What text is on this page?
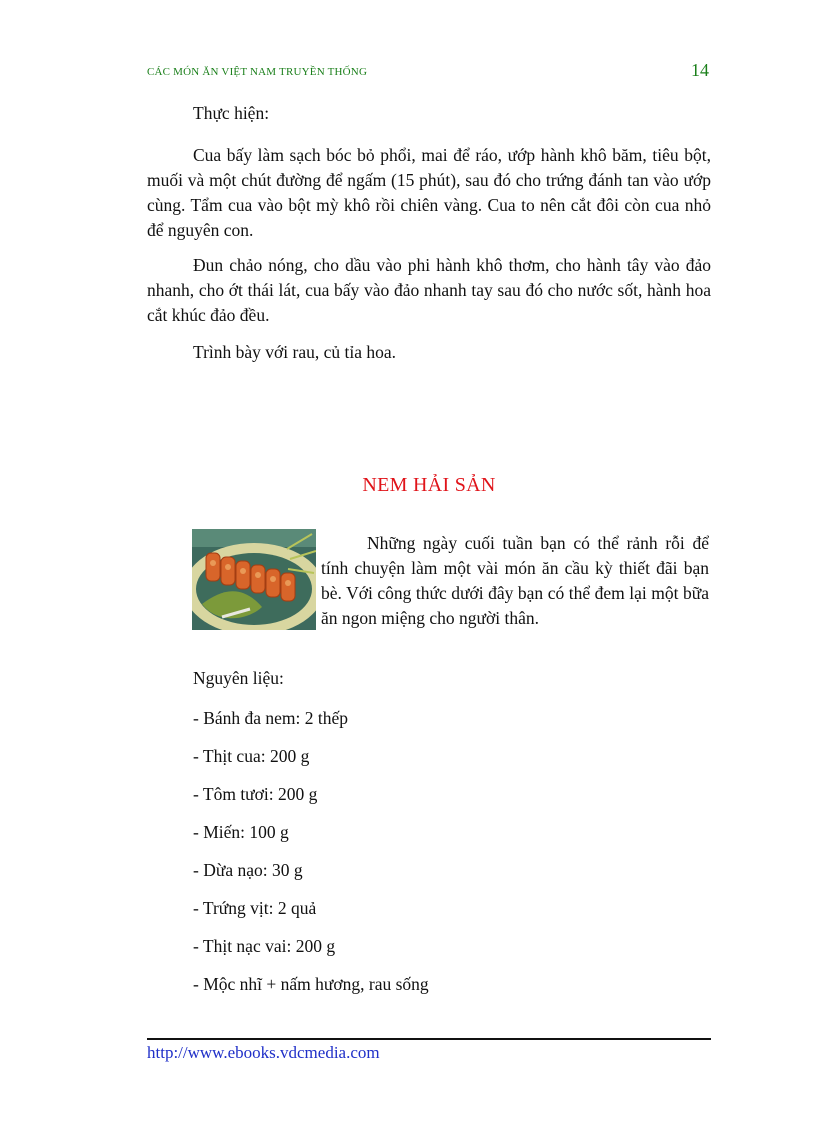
CÁC MÓN ĂN VIỆT NAM TRUYỀN THỐNG	14

Thực hiện:

Cua bấy làm sạch bóc bỏ phổi, mai để ráo, ướp hành khô băm, tiêu bột, muối và một chút đường để ngấm (15 phút), sau đó cho trứng đánh tan vào ướp cùng. Tẩm cua vào bột mỳ khô rồi chiên vàng. Cua to nên cắt đôi còn cua nhỏ để nguyên con.

Đun chảo nóng, cho dầu vào phi hành khô thơm, cho hành tây vào đảo nhanh, cho ớt thái lát, cua bấy vào đảo nhanh tay sau đó cho nước sốt, hành hoa cắt khúc đảo đều.

Trình bày với rau, củ tỉa hoa.

NEM HẢI SẢN

Những ngày cuối tuần bạn có thể rảnh rỗi để tính chuyện làm một vài món ăn cầu kỳ thiết đãi bạn bè. Với công thức dưới đây bạn có thể đem lại một bữa ăn ngon miệng cho người thân.

Nguyên liệu:
- Bánh đa nem: 2 thếp
- Thịt cua: 200 g
- Tôm tươi: 200 g
- Miến: 100 g
- Dừa nạo: 30 g
- Trứng vịt: 2 quả
- Thịt nạc vai: 200 g
- Mộc nhĩ + nấm hương, rau sống
http://www.ebooks.vdcmedia.com
